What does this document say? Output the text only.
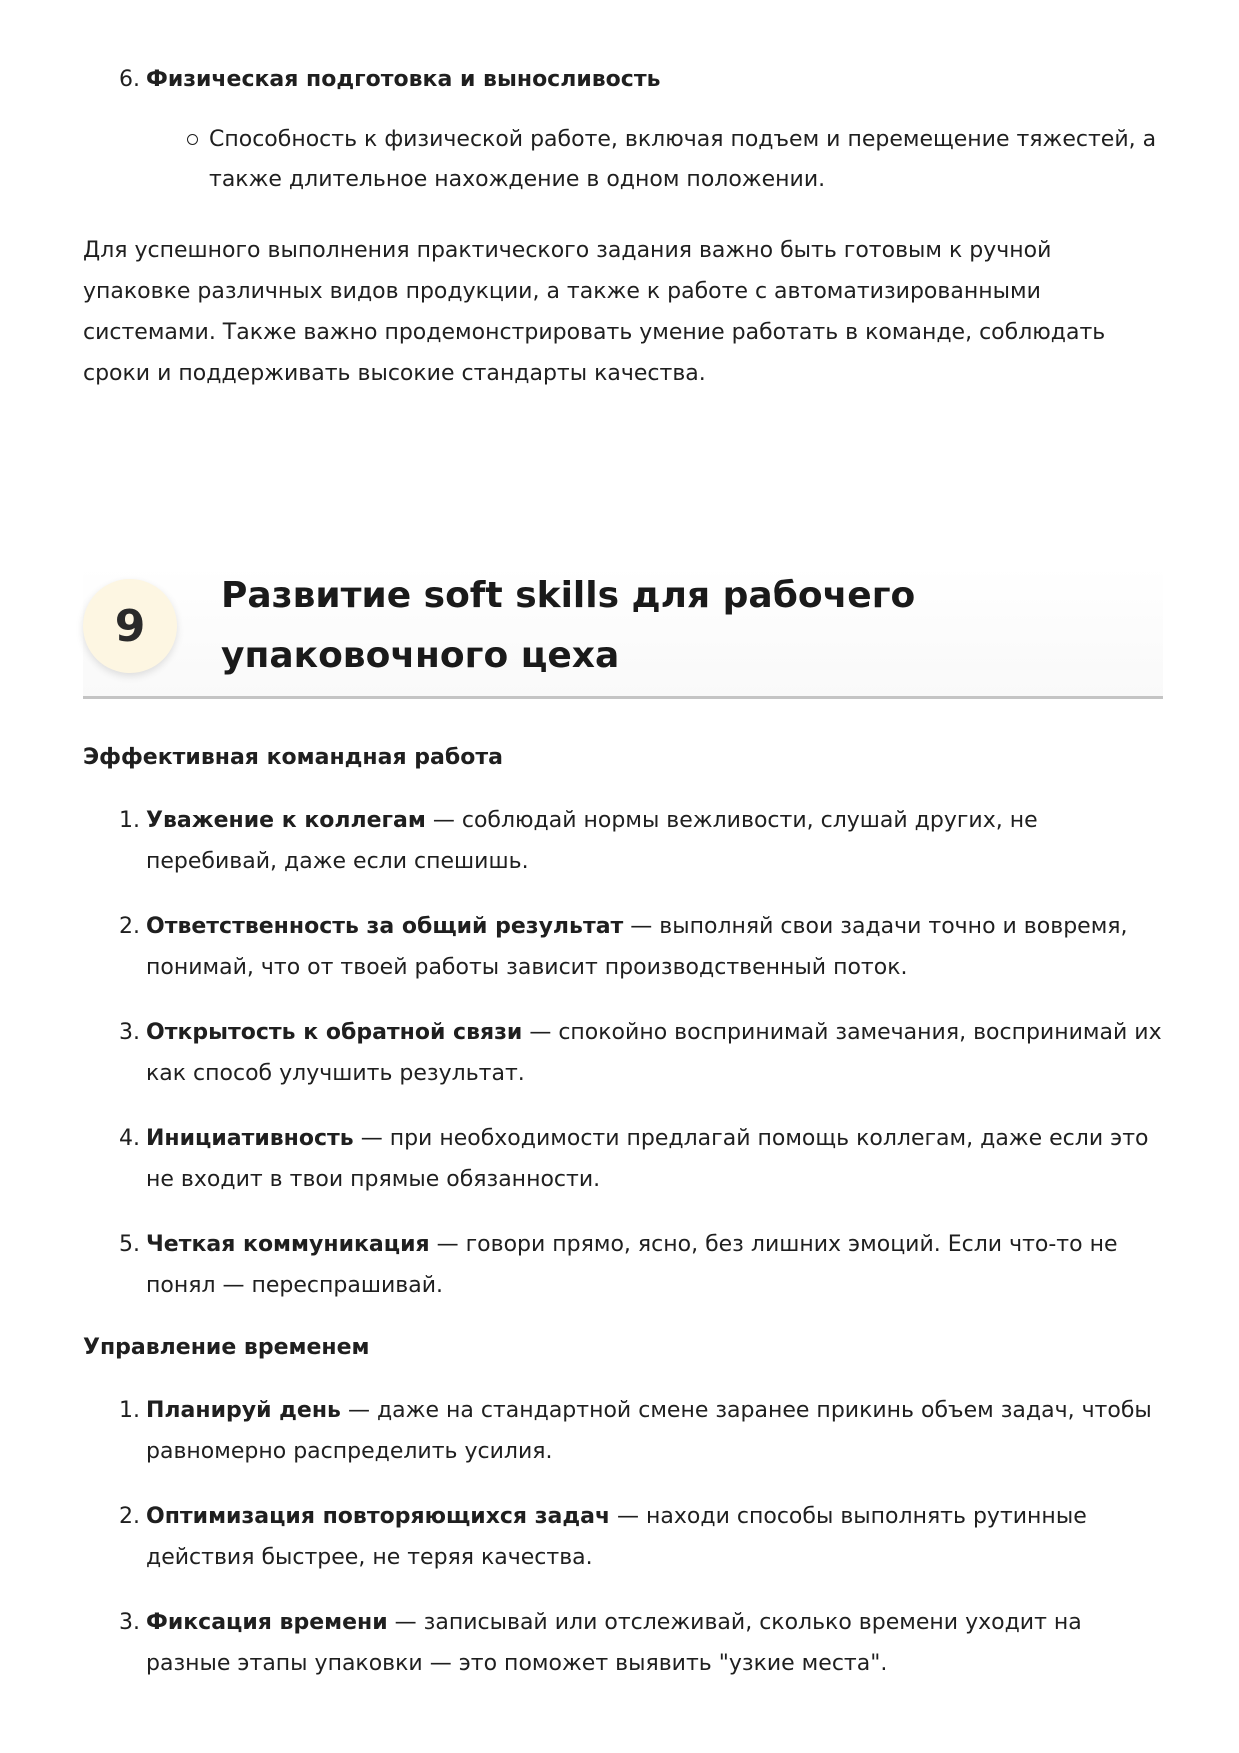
6. Физическая подготовка и выносливость
Способность к физической работе, включая подъем и перемещение тяжестей, а также длительное нахождение в одном положении.
Для успешного выполнения практического задания важно быть готовым к ручной упаковке различных видов продукции, а также к работе с автоматизированными системами. Также важно продемонстрировать умение работать в команде, соблюдать сроки и поддерживать высокие стандарты качества.
9
Развитие soft skills для рабочего упаковочного цеха
Эффективная командная работа
1. Уважение к коллегам — соблюдай нормы вежливости, слушай других, не перебивай, даже если спешишь.
2. Ответственность за общий результат — выполняй свои задачи точно и вовремя, понимай, что от твоей работы зависит производственный поток.
3. Открытость к обратной связи — спокойно воспринимай замечания, воспринимай их как способ улучшить результат.
4. Инициативность — при необходимости предлагай помощь коллегам, даже если это не входит в твои прямые обязанности.
5. Четкая коммуникация — говори прямо, ясно, без лишних эмоций. Если что-то не понял — переспрашивай.
Управление временем
1. Планируй день — даже на стандартной смене заранее прикинь объем задач, чтобы равномерно распределить усилия.
2. Оптимизация повторяющихся задач — находи способы выполнять рутинные действия быстрее, не теряя качества.
3. Фиксация времени — записывай или отслеживай, сколько времени уходит на разные этапы упаковки — это поможет выявить "узкие места".
